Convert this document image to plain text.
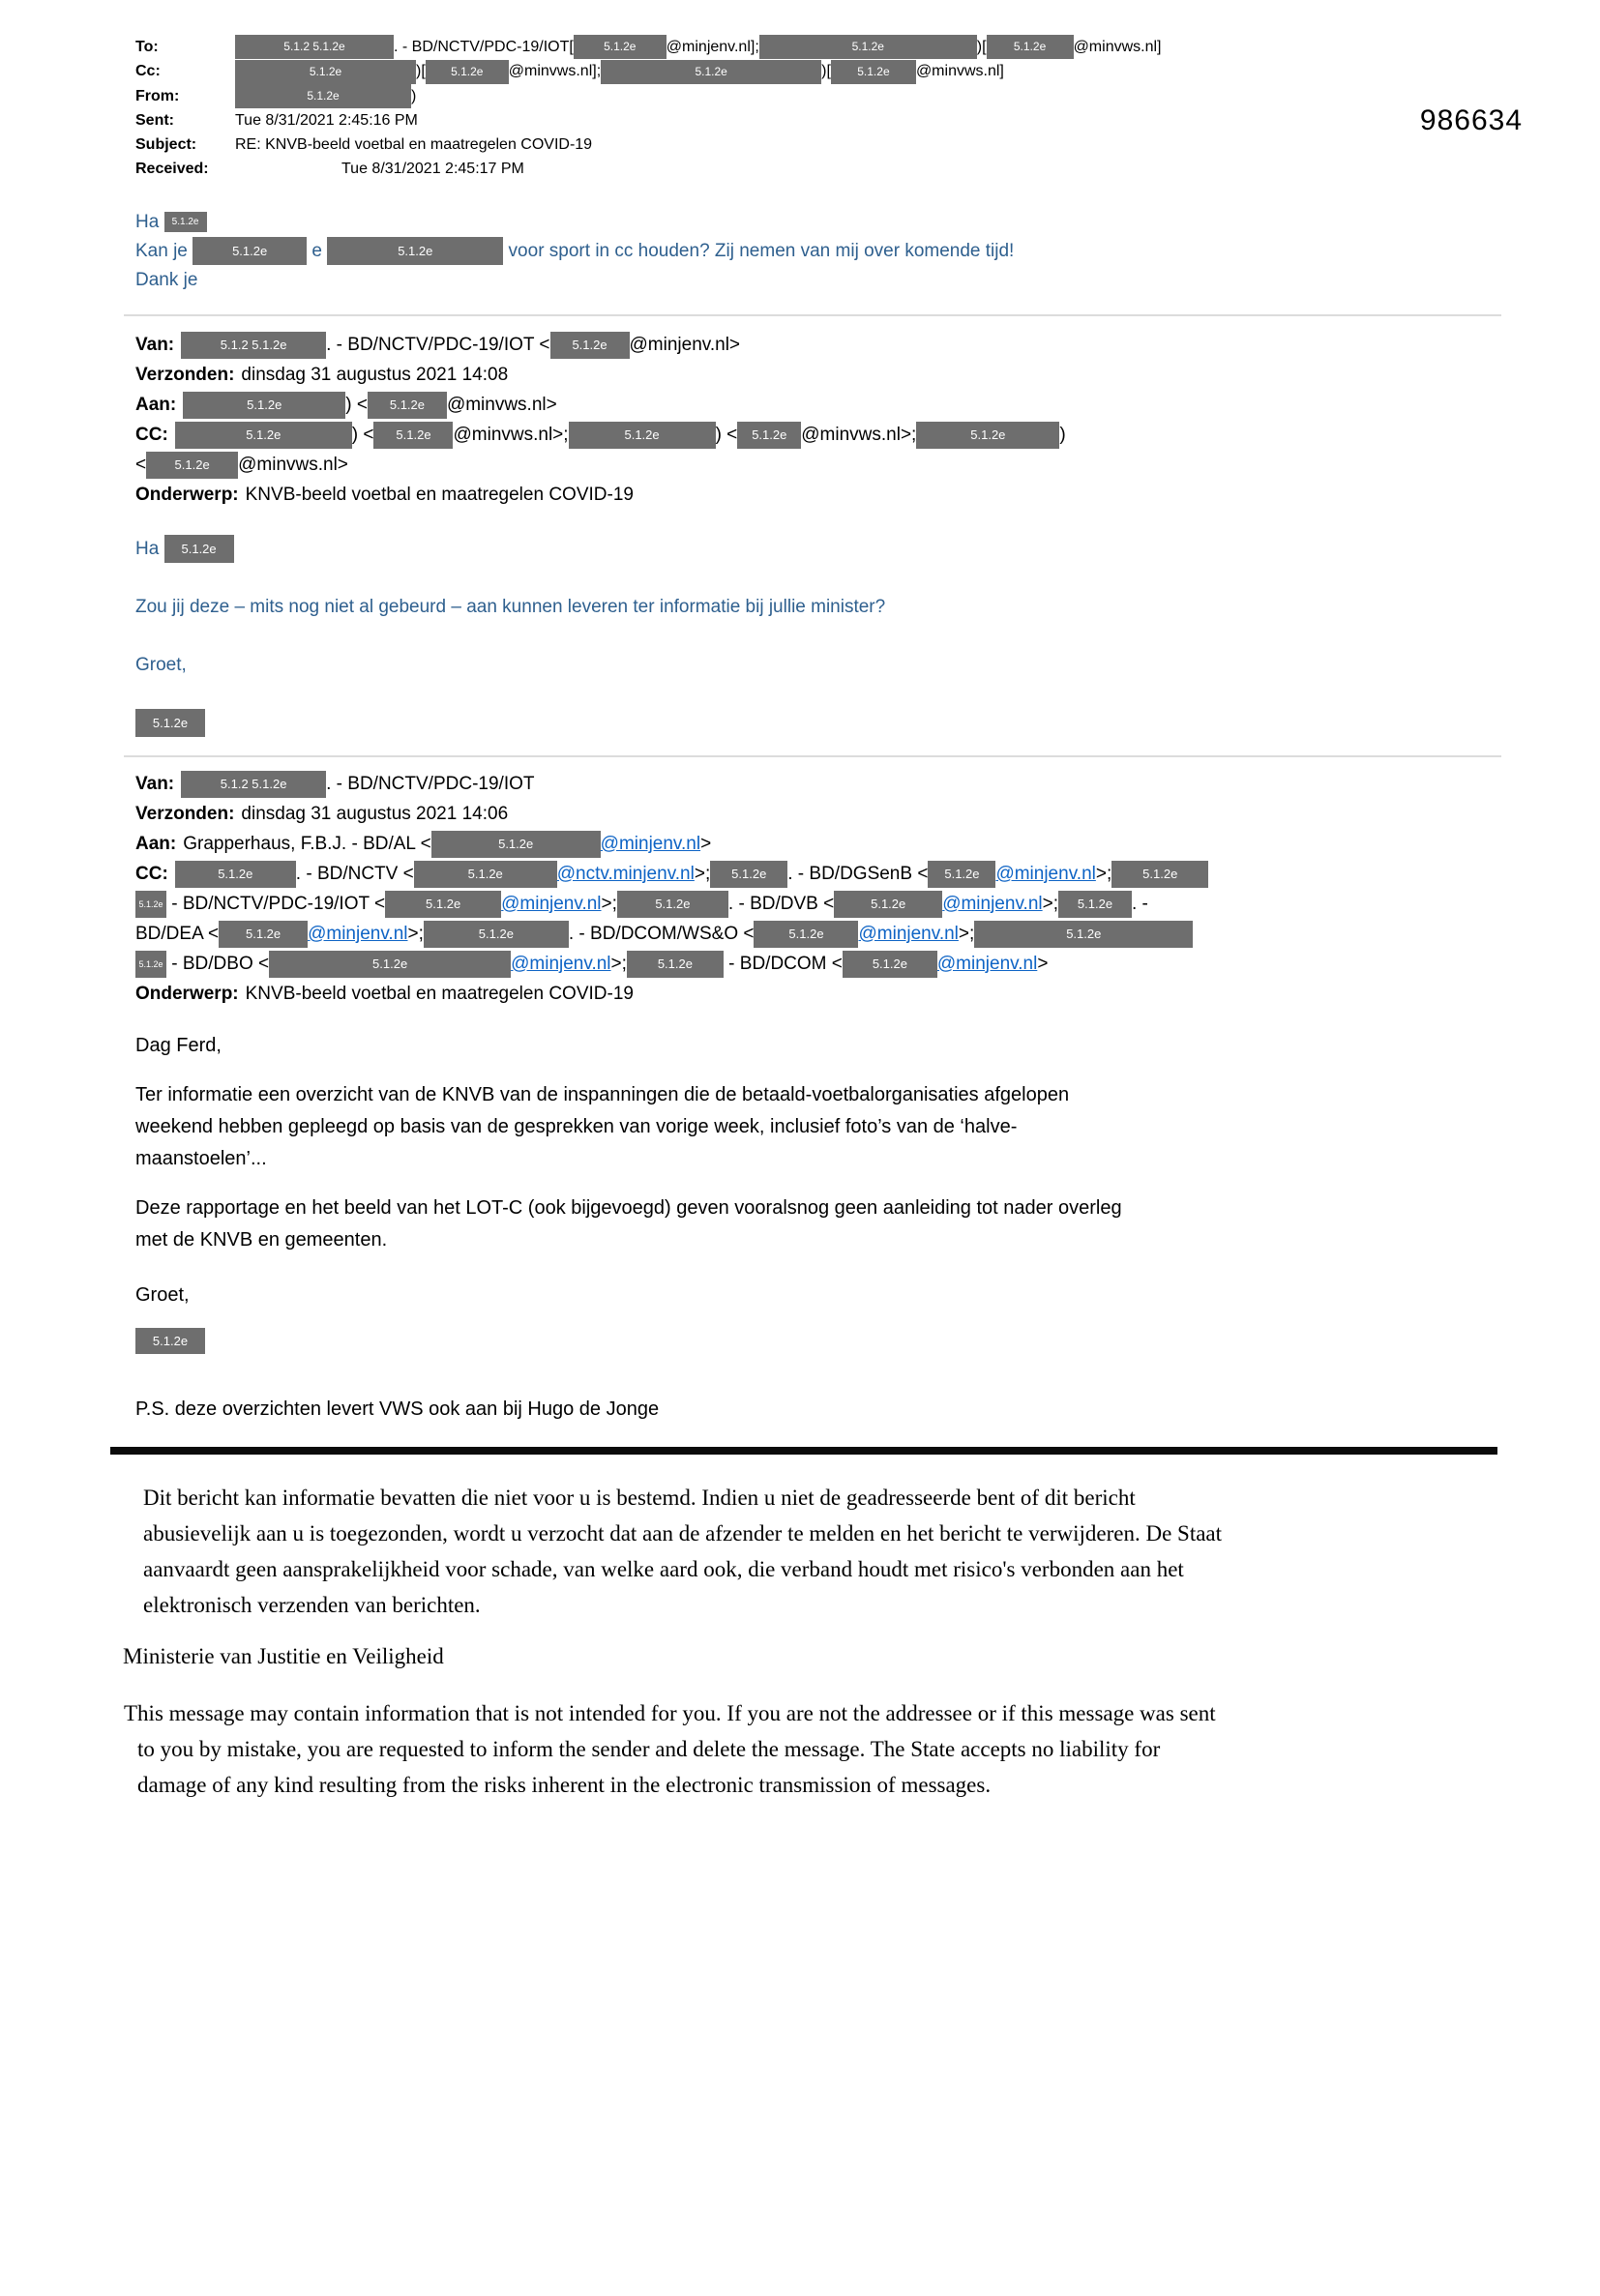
986634
To:	5.1.2 5.1.2e	. - BD/NCTV/PDC-19/IOT[	5.1.2e @minjenv.nl];	5.1.2e	)[ 5.1.2e @minvws.nl]
Cc:	5.1.2e	)[ 5.1.2e @minvws.nl];	5.1.2e	)[ 5.1.2e @minvws.nl]
From:	5.1.2e	)
Sent:	Tue 8/31/2021 2:45:16 PM
Subject:	RE: KNVB-beeld voetbal en maatregelen COVID-19
Received:	Tue 8/31/2021 2:45:17 PM
Ha 5.1.2e
Kan je	5.1.2e e	5.1.2e	voor sport in cc houden? Zij nemen van mij over komende tijd!
Dank je
Van:	5.1.2 5.1.2e . - BD/NCTV/PDC-19/IOT < 5.1.2e @minjenv.nl>
Verzonden: dinsdag 31 augustus 2021 14:08
Aan:	5.1.2e	) < 5.1.2e @minvws.nl>
CC:	5.1.2e	) < 5.1.2e @minvws.nl>;	5.1.2e	) < 5.1.2e @minvws.nl>;	5.1.2e	)
< 5.1.2e @minvws.nl>
Onderwerp: KNVB-beeld voetbal en maatregelen COVID-19
Ha 5.1.2e
Zou jij deze – mits nog niet al gebeurd – aan kunnen leveren ter informatie bij jullie minister?
Groet,
5.1.2e
Van:	5.1.2 5.1.2e . - BD/NCTV/PDC-19/IOT
Verzonden: dinsdag 31 augustus 2021 14:06
Aan: Grapperhaus, F.B.J. - BD/AL <	5.1.2e	@minjenv.nl>
CC:	5.1.2e . - BD/NCTV <	5.1.2e	@nctv.minjenv.nl>; 5.1.2e . - BD/DGSenB < 5.1.2e @minjenv.nl>; 5.1.2e
5.1.2e - BD/NCTV/PDC-19/IOT <	5.1.2e @minjenv.nl>;	5.1.2e . - BD/DVB <	5.1.2e @minjenv.nl>; 5.1.2e . -
BD/DEA < 5.1.2e @minjenv.nl>;	5.1.2e	. - BD/DCOM/WS&O <	5.1.2e @minjenv.nl>;	5.1.2e
5.1.2e - BD/DBO <	5.1.2e	@minjenv.nl>; 5.1.2e - BD/DCOM < 5.1.2e @minjenv.nl>
Onderwerp: KNVB-beeld voetbal en maatregelen COVID-19
Dag Ferd,
Ter informatie een overzicht van de KNVB van de inspanningen die de betaald-voetbalorganisaties afgelopen
weekend hebben gepleegd op basis van de gesprekken van vorige week, inclusief foto’s van de ‘halve-
maanstoelen’...
Deze rapportage en het beeld van het LOT-C (ook bijgevoegd) geven vooralsnog geen aanleiding tot nader overleg
met de KNVB en gemeenten.
Groet,
5.1.2e
P.S. deze overzichten levert VWS ook aan bij Hugo de Jonge
Dit bericht kan informatie bevatten die niet voor u is bestemd. Indien u niet de geadresseerde bent of dit bericht
abusievelijk aan u is toegezonden, wordt u verzocht dat aan de afzender te melden en het bericht te verwijderen. De Staat
aanvaardt geen aansprakelijkheid voor schade, van welke aard ook, die verband houdt met risico's verbonden aan het
elektronisch verzenden van berichten.
Ministerie van Justitie en Veiligheid
This message may contain information that is not intended for you. If you are not the addressee or if this message was sent
to you by mistake, you are requested to inform the sender and delete the message. The State accepts no liability for
damage of any kind resulting from the risks inherent in the electronic transmission of messages.
